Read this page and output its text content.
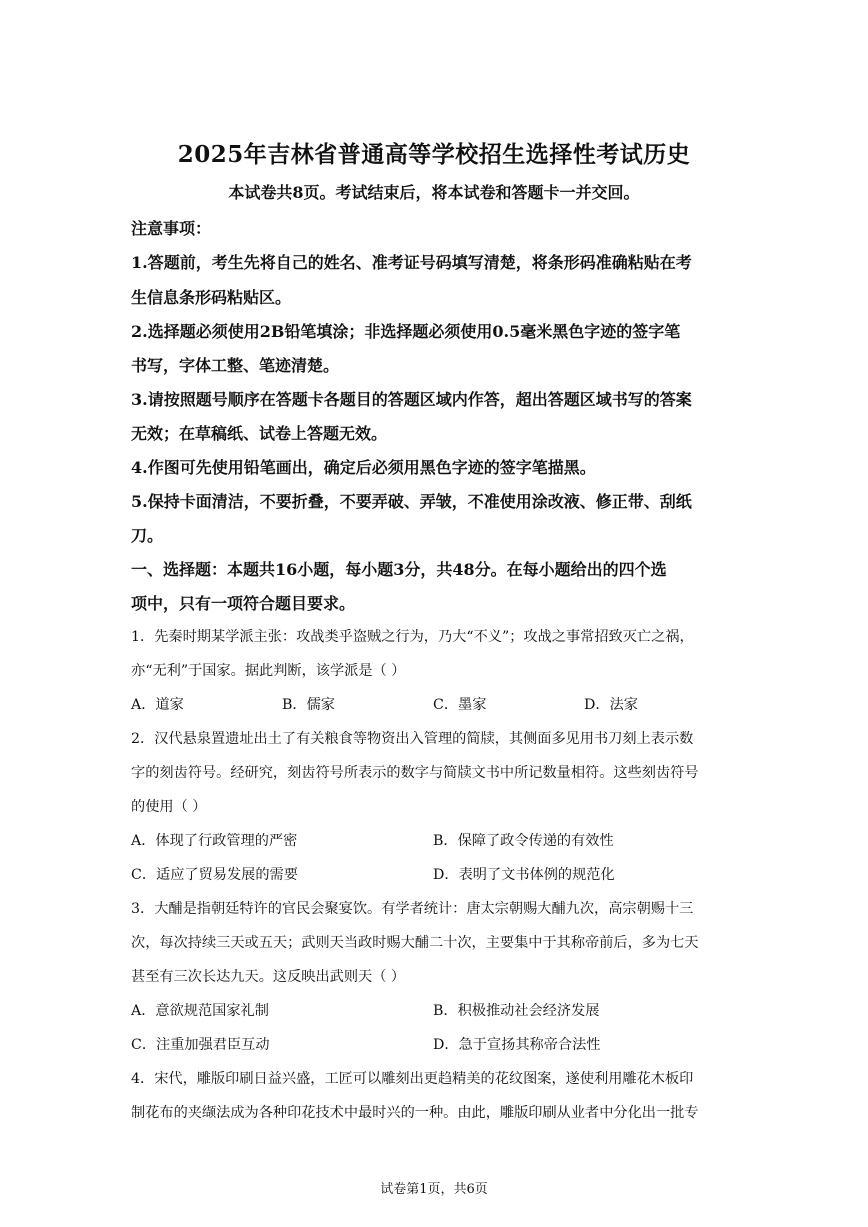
2025年吉林省普通高等学校招生选择性考试历史
本试卷共8页。考试结束后，将本试卷和答题卡一并交回。
注意事项：
1.答题前，考生先将自己的姓名、准考证号码填写清楚，将条形码准确粘贴在考
生信息条形码粘贴区。
2.选择题必须使用2B铅笔填涂；非选择题必须使用0.5毫米黑色字迹的签字笔
书写，字体工整、笔迹清楚。
3.请按照题号顺序在答题卡各题目的答题区域内作答，超出答题区域书写的答案
无效；在草稿纸、试卷上答题无效。
4.作图可先使用铅笔画出，确定后必须用黑色字迹的签字笔描黑。
5.保持卡面清洁，不要折叠，不要弄破、弄皱，不准使用涂改液、修正带、刮纸
刀。
一、选择题：本题共16小题，每小题3分，共48分。在每小题给出的四个选
项中，只有一项符合题目要求。
1．先秦时期某学派主张：攻战类乎盗贼之行为，乃大“不义”；攻战之事常招致灭亡之祸，
亦“无利”于国家。据此判断，该学派是（ ）
A．道家	B．儒家	C．墨家	D．法家
2．汉代悬泉置遗址出土了有关粮食等物资出入管理的简牍，其侧面多见用书刀刻上表示数
字的刻齿符号。经研究，刻齿符号所表示的数字与简牍文书中所记数量相符。这些刻齿符号
的使用（ ）
A．体现了行政管理的严密	B．保障了政令传递的有效性
C．适应了贸易发展的需要	D．表明了文书体例的规范化
3．大酺是指朝廷特许的官民会聚宴饮。有学者统计：唐太宗朝赐大酺九次，高宗朝赐十三
次，每次持续三天或五天；武则天当政时赐大酺二十次，主要集中于其称帝前后，多为七天
甚至有三次长达九天。这反映出武则天（ ）
A．意欲规范国家礼制	B．积极推动社会经济发展
C．注重加强君臣互动	D．急于宣扬其称帝合法性
4．宋代，雕版印刷日益兴盛，工匠可以雕刻出更趋精美的花纹图案，遂使利用雕花木板印
制花布的夹缬法成为各种印花技术中最时兴的一种。由此，雕版印刷从业者中分化出一批专
试卷第1页，共6页
